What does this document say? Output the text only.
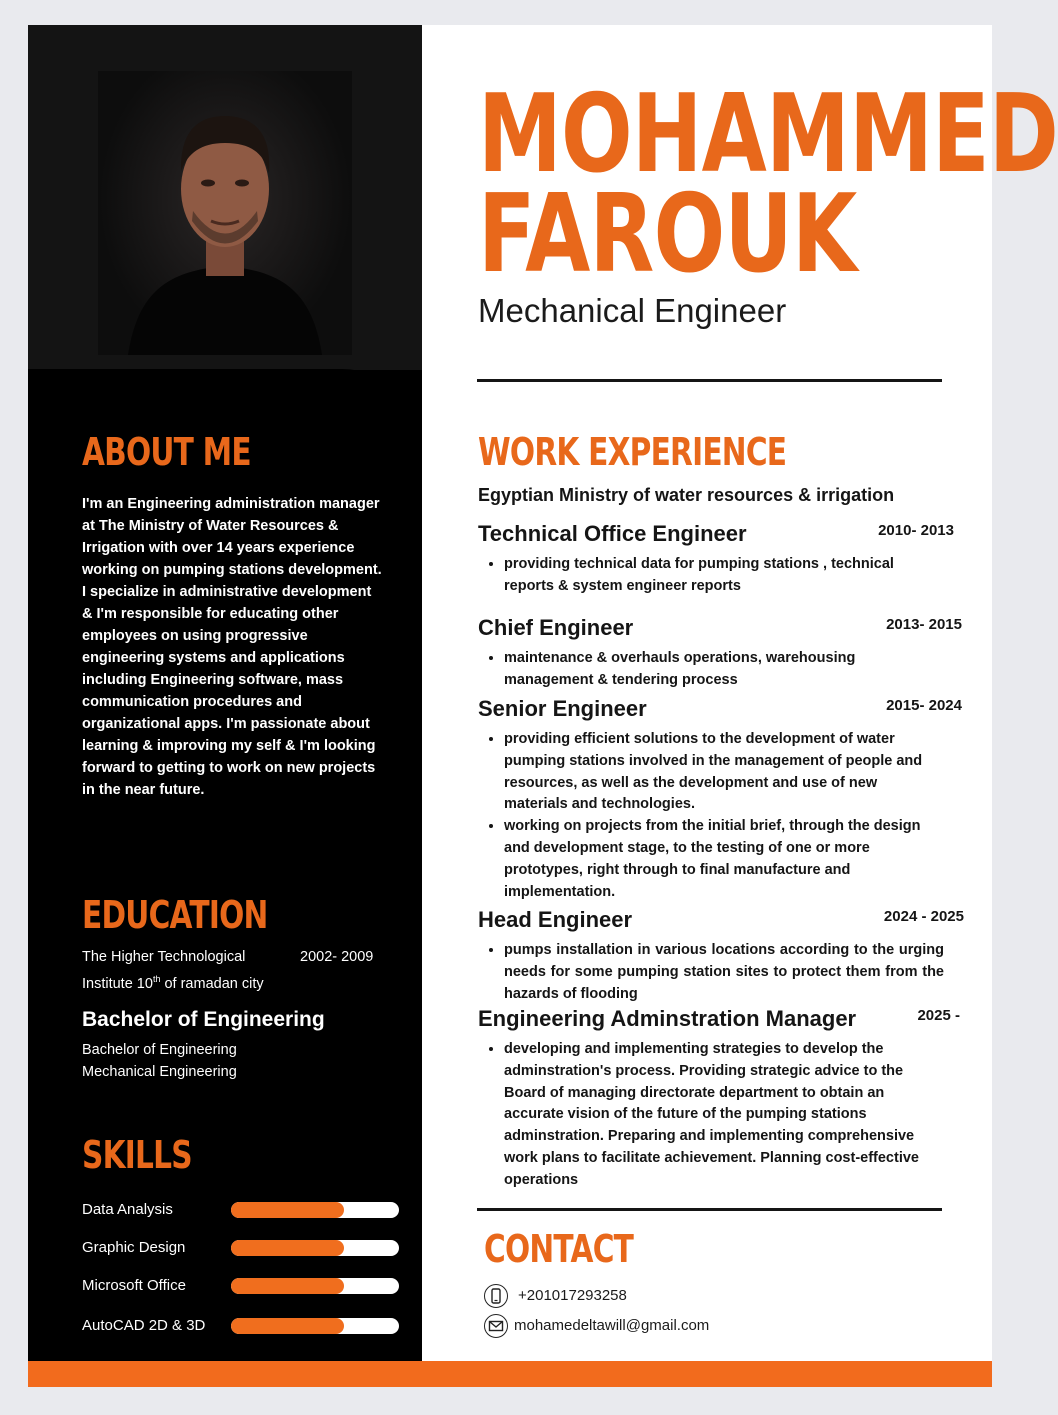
ABOUT ME
I'm an Engineering administration manager at The Ministry of Water Resources & Irrigation with over 14 years experience working on pumping stations development. I specialize in administrative development & I'm responsible for educating other employees on using progressive engineering systems and applications including Engineering software, mass communication procedures and organizational apps. I'm passionate about learning & improving my self & I'm looking forward to getting to work on new projects in the near future.
EDUCATION
The Higher Technological
Institute 10th of ramadan city
2002- 2009
Bachelor of Engineering
Bachelor of Engineering
Mechanical Engineering
SKILLS
Data Analysis
Graphic Design
Microsoft Office
AutoCAD 2D & 3D
MOHAMMED
FAROUK
Mechanical Engineer
WORK EXPERIENCE
Egyptian Ministry of water resources & irrigation
Technical Office Engineer	2010- 2013
• providing technical data for pumping stations , technical reports & system engineer reports
Chief Engineer	2013- 2015
• maintenance & overhauls operations, warehousing management & tendering process
Senior Engineer	2015- 2024
• providing efficient solutions to the development of water pumping stations involved in the management of people and resources, as well as the development and use of new materials and technologies.
• working on projects from the initial brief, through the design and development stage, to the testing of one or more prototypes, right through to final manufacture and implementation.
Head Engineer	2024 - 2025
• pumps installation in various locations according to the urging needs for some pumping station sites to protect them from the hazards of flooding
Engineering Adminstration Manager	2025 -
• developing and implementing strategies to develop the adminstration's process. Providing strategic advice to the Board of managing directorate department to obtain an accurate vision of the future of the pumping stations adminstration. Preparing and implementing comprehensive work plans to facilitate achievement. Planning cost-effective operations
CONTACT
+201017293258
mohamedeltawill@gmail.com
